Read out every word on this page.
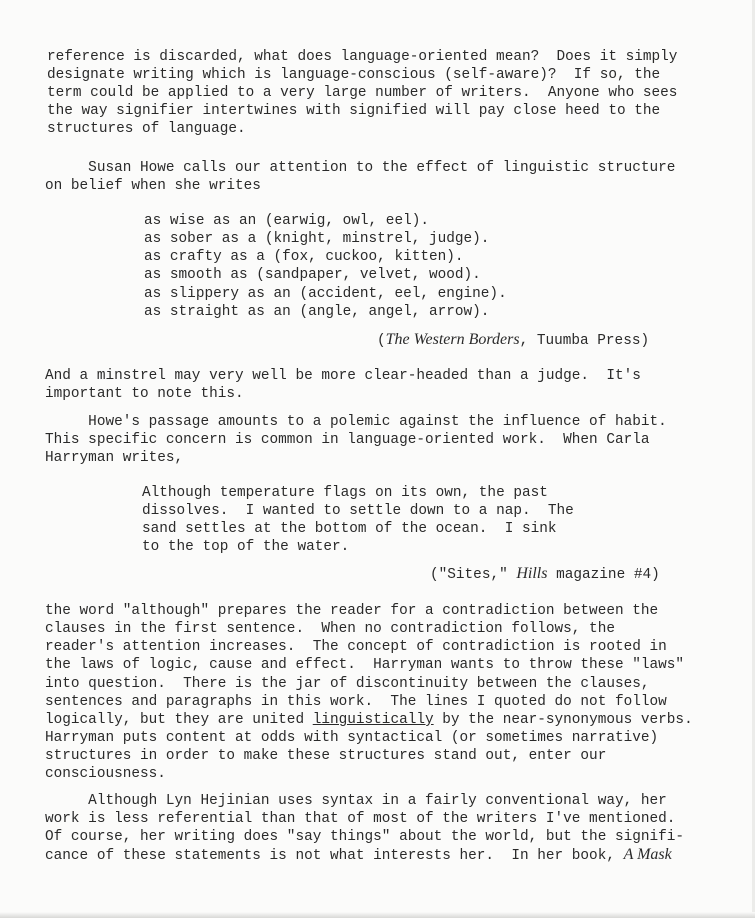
reference is discarded, what does language-oriented mean?  Does it simply
designate writing which is language-conscious (self-aware)?  If so, the
term could be applied to a very large number of writers.  Anyone who sees
the way signifier intertwines with signified will pay close heed to the
structures of language.
Susan Howe calls our attention to the effect of linguistic structure
on belief when she writes
as wise as an (earwig, owl, eel).
as sober as a (knight, minstrel, judge).
as crafty as a (fox, cuckoo, kitten).
as smooth as (sandpaper, velvet, wood).
as slippery as an (accident, eel, engine).
as straight as an (angle, angel, arrow).
(The Western Borders, Tuumba Press)
And a minstrel may very well be more clear-headed than a judge.  It's
important to note this.
Howe's passage amounts to a polemic against the influence of habit.
This specific concern is common in language-oriented work.  When Carla
Harryman writes,
Although temperature flags on its own, the past
dissolves.  I wanted to settle down to a nap.  The
sand settles at the bottom of the ocean.  I sink
to the top of the water.
("Sites," Hills magazine #4)
the word "although" prepares the reader for a contradiction between the
clauses in the first sentence.  When no contradiction follows, the
reader's attention increases.  The concept of contradiction is rooted in
the laws of logic, cause and effect.  Harryman wants to throw these "laws"
into question.  There is the jar of discontinuity between the clauses,
sentences and paragraphs in this work.  The lines I quoted do not follow
logically, but they are united linguistically by the near-synonymous verbs.
Harryman puts content at odds with syntactical (or sometimes narrative)
structures in order to make these structures stand out, enter our
consciousness.
Although Lyn Hejinian uses syntax in a fairly conventional way, her
work is less referential than that of most of the writers I've mentioned.
Of course, her writing does "say things" about the world, but the signifi-
cance of these statements is not what interests her.  In her book, A Mask
